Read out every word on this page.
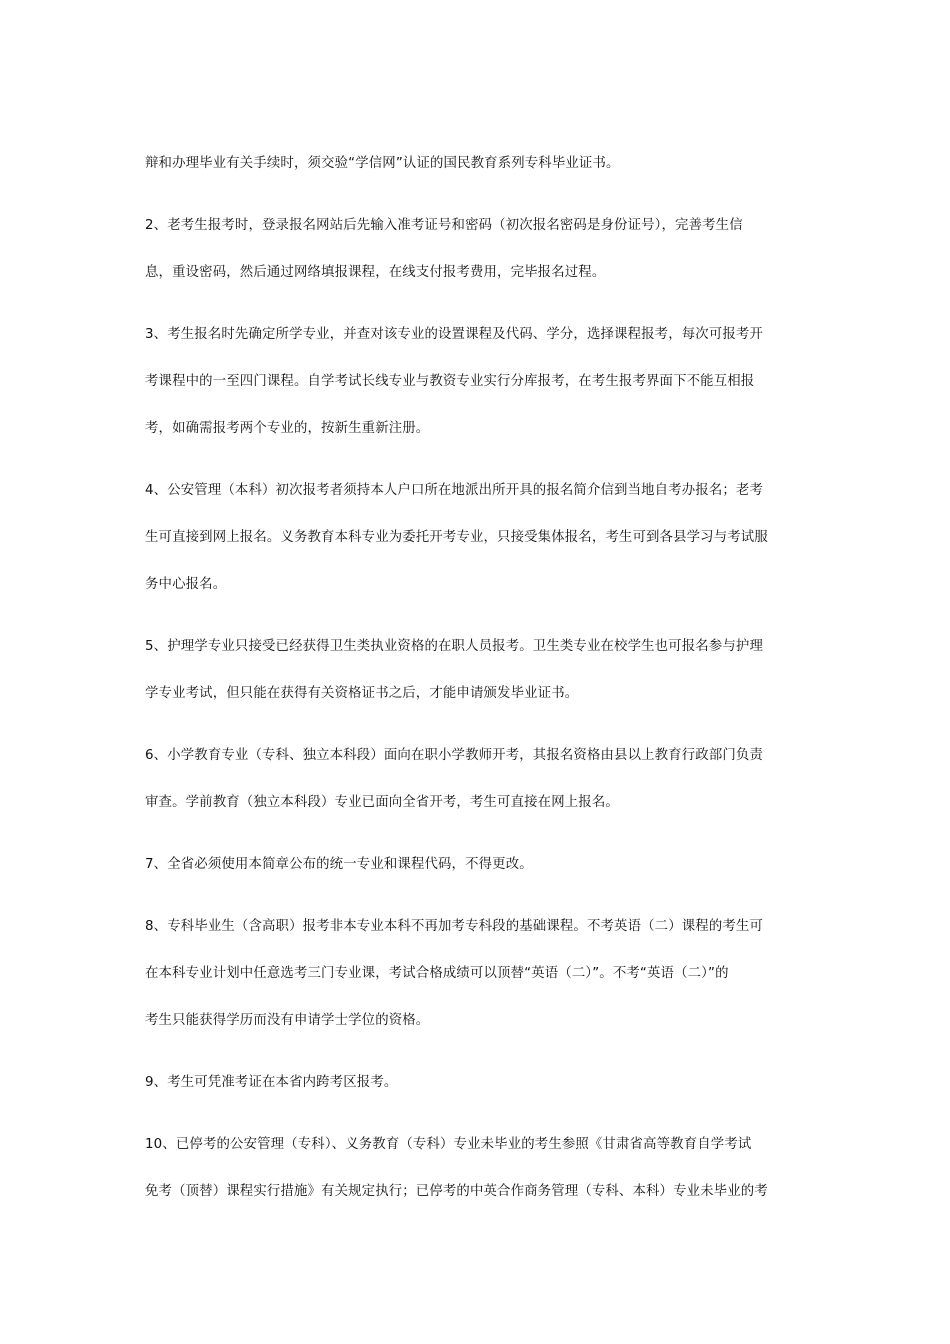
辩和办理毕业有关手续时，须交验“学信网”认证的国民教育系列专科毕业证书。

2、老考生报考时，登录报名网站后先输入准考证号和密码（初次报名密码是身份证号），完善考生信
息，重设密码，然后通过网络填报课程，在线支付报考费用，完毕报名过程。

3、考生报名时先确定所学专业，并查对该专业的设置课程及代码、学分，选择课程报考，每次可报考开
考课程中的一至四门课程。自学考试长线专业与教资专业实行分库报考，在考生报考界面下不能互相报
考，如确需报考两个专业的，按新生重新注册。

4、公安管理（本科）初次报考者须持本人户口所在地派出所开具的报名简介信到当地自考办报名；老考
生可直接到网上报名。义务教育本科专业为委托开考专业，只接受集体报名，考生可到各县学习与考试服
务中心报名。

5、护理学专业只接受已经获得卫生类执业资格的在职人员报考。卫生类专业在校学生也可报名参与护理
学专业考试，但只能在获得有关资格证书之后，才能申请颁发毕业证书。

6、小学教育专业（专科、独立本科段）面向在职小学教师开考，其报名资格由县以上教育行政部门负责
审查。学前教育（独立本科段）专业已面向全省开考，考生可直接在网上报名。

7、全省必须使用本简章公布的统一专业和课程代码，不得更改。

8、专科毕业生（含高职）报考非本专业本科不再加考专科段的基础课程。不考英语（二）课程的考生可
在本科专业计划中任意选考三门专业课，考试合格成绩可以顶替“英语（二）”。不考“英语（二）”的
考生只能获得学历而没有申请学士学位的资格。

9、考生可凭准考证在本省内跨考区报考。

10、已停考的公安管理（专科）、义务教育（专科）专业未毕业的考生参照《甘肃省高等教育自学考试
免考（顶替）课程实行措施》有关规定执行；已停考的中英合作商务管理（专科、本科）专业未毕业的考
